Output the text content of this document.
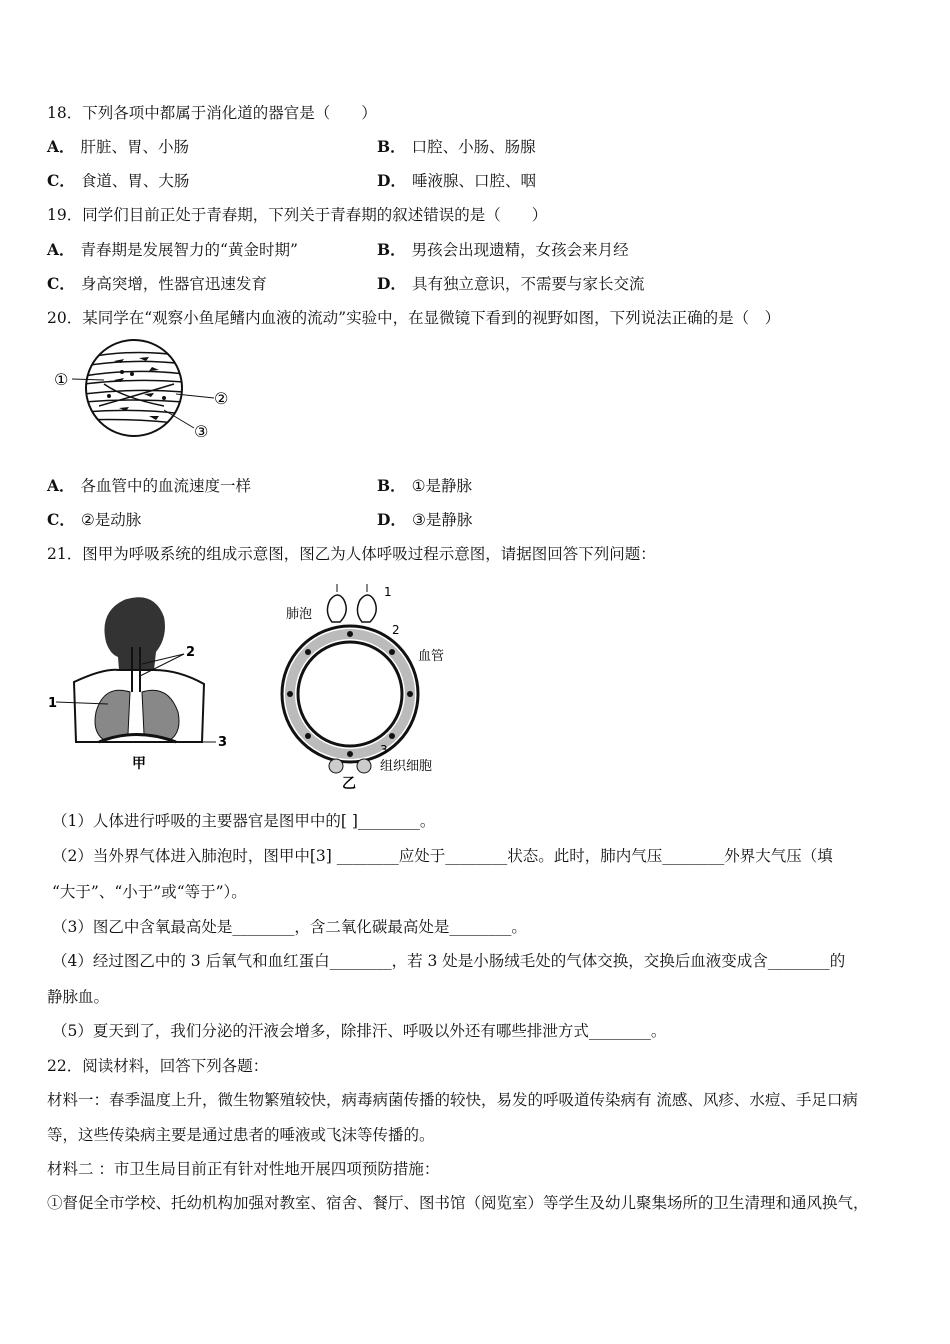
18．下列各项中都属于消化道的器官是（　　）
A． 肝脏、胃、小肠	B． 口腔、小肠、肠腺
C． 食道、胃、大肠	D． 唾液腺、口腔、咽
19．同学们目前正处于青春期，下列关于青春期的叙述错误的是（　　）
A． 青春期是发展智力的“黄金时期”	B． 男孩会出现遗精，女孩会来月经
C． 身高突增，性器官迅速发育	D． 具有独立意识，不需要与家长交流
20．某同学在“观察小鱼尾鳍内血液的流动”实验中，在显微镜下看到的视野如图，下列说法正确的是（　）
①
②
③
A． 各血管中的血流速度一样	B． ①是静脉
C． ②是动脉	D． ③是静脉
21．图甲为呼吸系统的组成示意图，图乙为人体呼吸过程示意图，请据图回答下列问题：
1
2
3
甲
1
2
肺泡
血管
3
组织细胞
乙
（1）人体进行呼吸的主要器官是图甲中的[ ]________。
（2）当外界气体进入肺泡时，图甲中[3] ________应处于________状态。此时，肺内气压________外界大气压（填
“大于”、“小于”或“等于”）。
（3）图乙中含氧最高处是________，含二氧化碳最高处是________。
（4）经过图乙中的 3 后氧气和血红蛋白________，若 3 处是小肠绒毛处的气体交换，交换后血液变成含________的
静脉血。
（5）夏天到了，我们分泌的汗液会增多，除排汗、呼吸以外还有哪些排泄方式________。
22．阅读材料，回答下列各题：
材料一：春季温度上升，微生物繁殖较快，病毒病菌传播的较快，易发的呼吸道传染病有 流感、风疹、水痘、手足口病
等，这些传染病主要是通过患者的唾液或飞沫等传播的。
材料二 ：市卫生局目前正有针对性地开展四项预防措施：
①督促全市学校、托幼机构加强对教室、宿舍、餐厅、图书馆（阅览室）等学生及幼儿聚集场所的卫生清理和通风换气，
